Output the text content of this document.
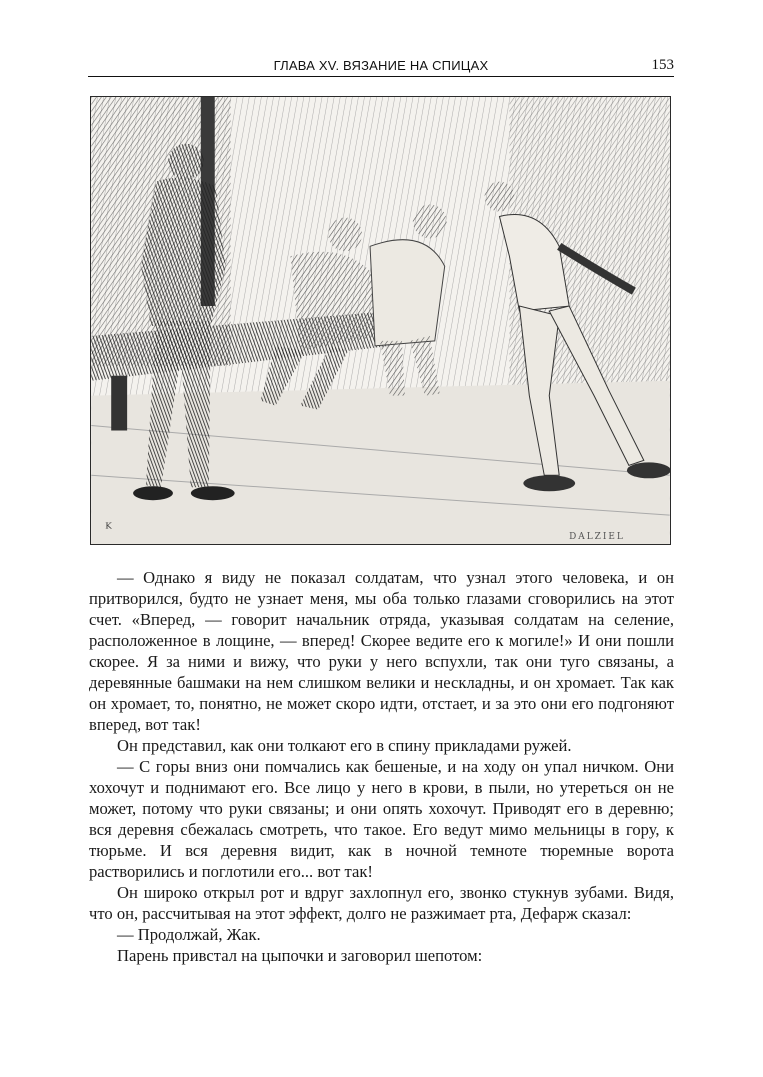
ГЛАВА XV. ВЯЗАНИЕ НА СПИЦАХ	153
ᴷ	DALZIEL

— Однако я виду не показал солдатам, что узнал этого человека, и он притворился, будто не узнает меня, мы оба только глазами сговорились на этот счет. «Вперед, — говорит начальник отряда, указывая солдатам на селение, расположенное в лощине, — вперед! Скорее ведите его к могиле!» И они пошли скорее. Я за ними и вижу, что руки у него вспухли, так они туго связаны, а деревянные башмаки на нем слишком велики и нескладны, и он хромает. Так как он хромает, то, понятно, не может скоро идти, отстает, и за это они его подгоняют вперед, вот так!

Он представил, как они толкают его в спину прикладами ружей.

— С горы вниз они помчались как бешеные, и на ходу он упал ничком. Они хохочут и поднимают его. Все лицо у него в крови, в пыли, но утереться он не может, потому что руки связаны; и они опять хохочут. Приводят его в деревню; вся деревня сбежалась смотреть, что такое. Его ведут мимо мельницы в гору, к тюрьме. И вся деревня видит, как в ночной темноте тюремные ворота растворились и поглотили его... вот так!

Он широко открыл рот и вдруг захлопнул его, звонко стукнув зубами. Видя, что он, рассчитывая на этот эффект, долго не разжимает рта, Дефарж сказал:

— Продолжай, Жак.

Парень привстал на цыпочки и заговорил шепотом:
